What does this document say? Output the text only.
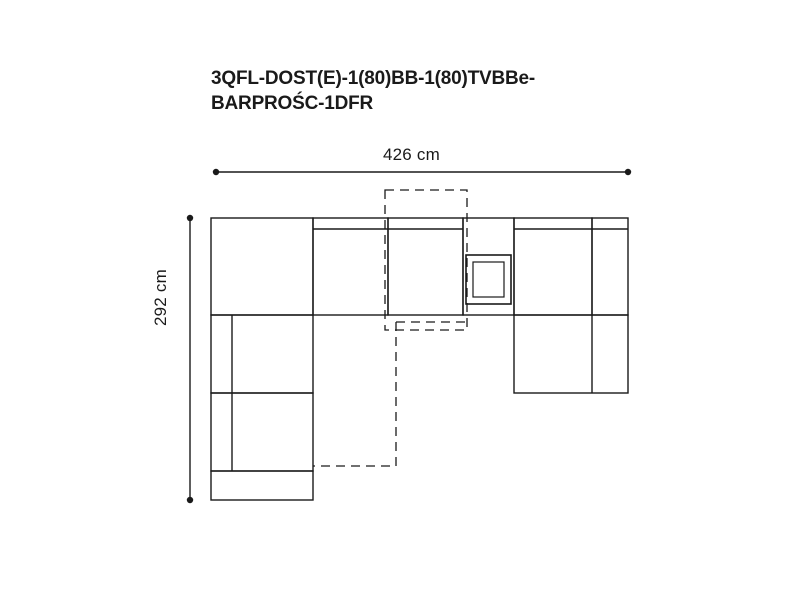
3QFL-DOST(E)-1(80)BB-1(80)TVBBe-BARPROŚC-1DFR
426 cm
292 cm
